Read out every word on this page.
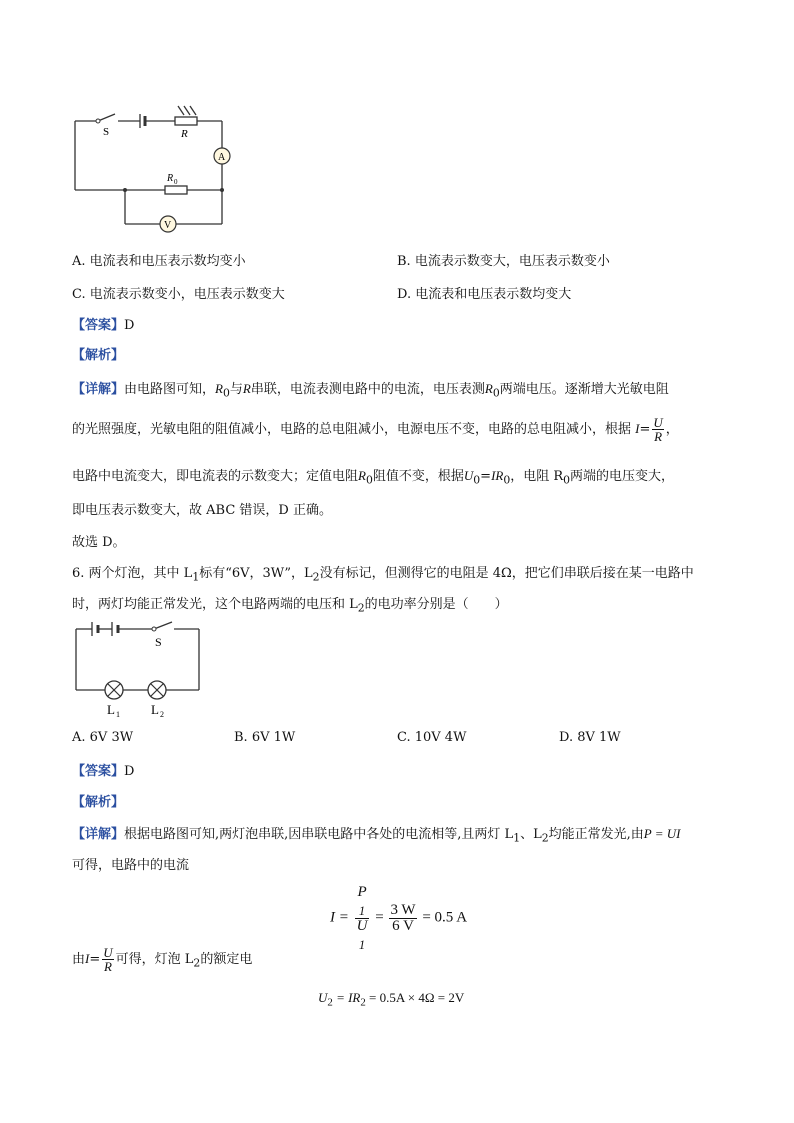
S	R
A
R 0
V
A. 电流表和电压表示数均变小	B. 电流表示数变大，电压表示数变小
C. 电流表示数变小，电压表示数变大	D. 电流表和电压表示数均变大
【答案】D
【解析】
【详解】由电路图可知，$R_0$与R串联，电流表测电路中的电流，电压表测$R_0$两端电压。逐渐增大光敏电阻
的光照强度，光敏电阻的阻值减小，电路的总电阻减小，电源电压不变，电路的总电阻减小，根据 $I= \frac{U}{R}$ ，
电路中电流变大，即电流表的示数变大；定值电阻$R_0$阻值不变，根据$U_0=IR_0$，电阻 $R_0$两端的电压变大，
即电压表示数变大，故 ABC 错误，D 正确。
故选 D。
6. 两个灯泡，其中 $L_1$标有“6V，3W”，$L_2$没有标记，但测得它的电阻是 4Ω，把它们串联后接在某一电路中
时，两灯均能正常发光，这个电路两端的电压和 $L_2$的电功率分别是（　　）
S
L 1 L 2
A. 6V 3W	B. 6V 1W	C. 10V 4W	D. 8V 1W
【答案】D
【解析】
【详解】根据电路图可知,两灯泡串联,因串联电路中各处的电流相等,且两灯 $L_1$、$L_2$均能正常发光,由P = UI
可得，电路中的电流
I = P
$_1$
U
$_1 = \frac{3 W}{6 V} = 0.5$ A
由$I= \frac{U}{R}$ 可得，灯泡 $L_2$的额定电
$U_2 = IR_2 = 0.5A \times 4\Omega = 2V$
